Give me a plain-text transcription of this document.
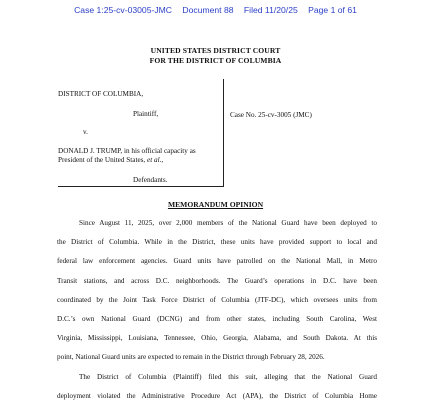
Case 1:25-cv-03005-JMC Document 88 Filed 11/20/25 Page 1 of 61
UNITED STATES DISTRICT COURT
FOR THE DISTRICT OF COLUMBIA
DISTRICT OF COLUMBIA,
Plaintiff,
v.
DONALD J. TRUMP, in his official capacity as
President of the United States, et al.,
Defendants.
Case No. 25-cv-3005 (JMC)
MEMORANDUM OPINION
Since August 11, 2025, over 2,000 members of the National Guard have been deployed to
the District of Columbia. While in the District, these units have provided support to local and
federal law enforcement agencies. Guard units have patrolled on the National Mall, in Metro
Transit stations, and across D.C. neighborhoods. The Guard’s operations in D.C. have been
coordinated by the Joint Task Force District of Columbia (JTF-DC), which oversees units from
D.C.’s own National Guard (DCNG) and from other states, including South Carolina, West
Virginia, Mississippi, Louisiana, Tennessee, Ohio, Georgia, Alabama, and South Dakota. At this
point, National Guard units are expected to remain in the District through February 28, 2026.
The District of Columbia (Plaintiff) filed this suit, alleging that the National Guard
deployment violated the Administrative Procedure Act (APA), the District of Columbia Home
